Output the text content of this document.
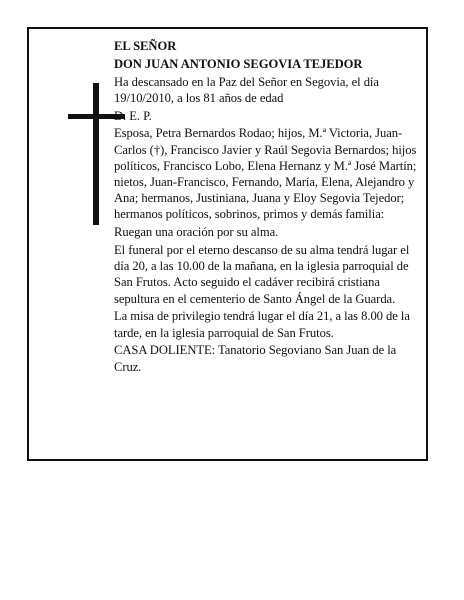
EL SEÑOR

DON JUAN ANTONIO SEGOVIA TEJEDOR

Ha descansado en la Paz del Señor en Segovia, el día 19/10/2010, a los 81 años de edad

D. E. P.

Esposa, Petra Bernardos Rodao; hijos, M.ª Victoria, Juan-Carlos (†), Francisco Javier y Raúl Segovia Bernardos; hijos políticos, Francisco Lobo, Elena Hernanz y M.ª José Martín; nietos, Juan-Francisco, Fernando, María, Elena, Alejandro y Ana; hermanos, Justiniana, Juana y Eloy Segovia Tejedor; hermanos políticos, sobrinos, primos y demás familia:

Ruegan una oración por su alma.

El funeral por el eterno descanso de su alma tendrá lugar el día 20, a las 10.00 de la mañana, en la iglesia parroquial de San Frutos. Acto seguido el cadáver recibirá cristiana sepultura en el cementerio de Santo Ángel de la Guarda.

La misa de privilegio tendrá lugar el día 21, a las 8.00 de la tarde, en la iglesia parroquial de San Frutos.

CASA DOLIENTE: Tanatorio Segoviano San Juan de la Cruz.
